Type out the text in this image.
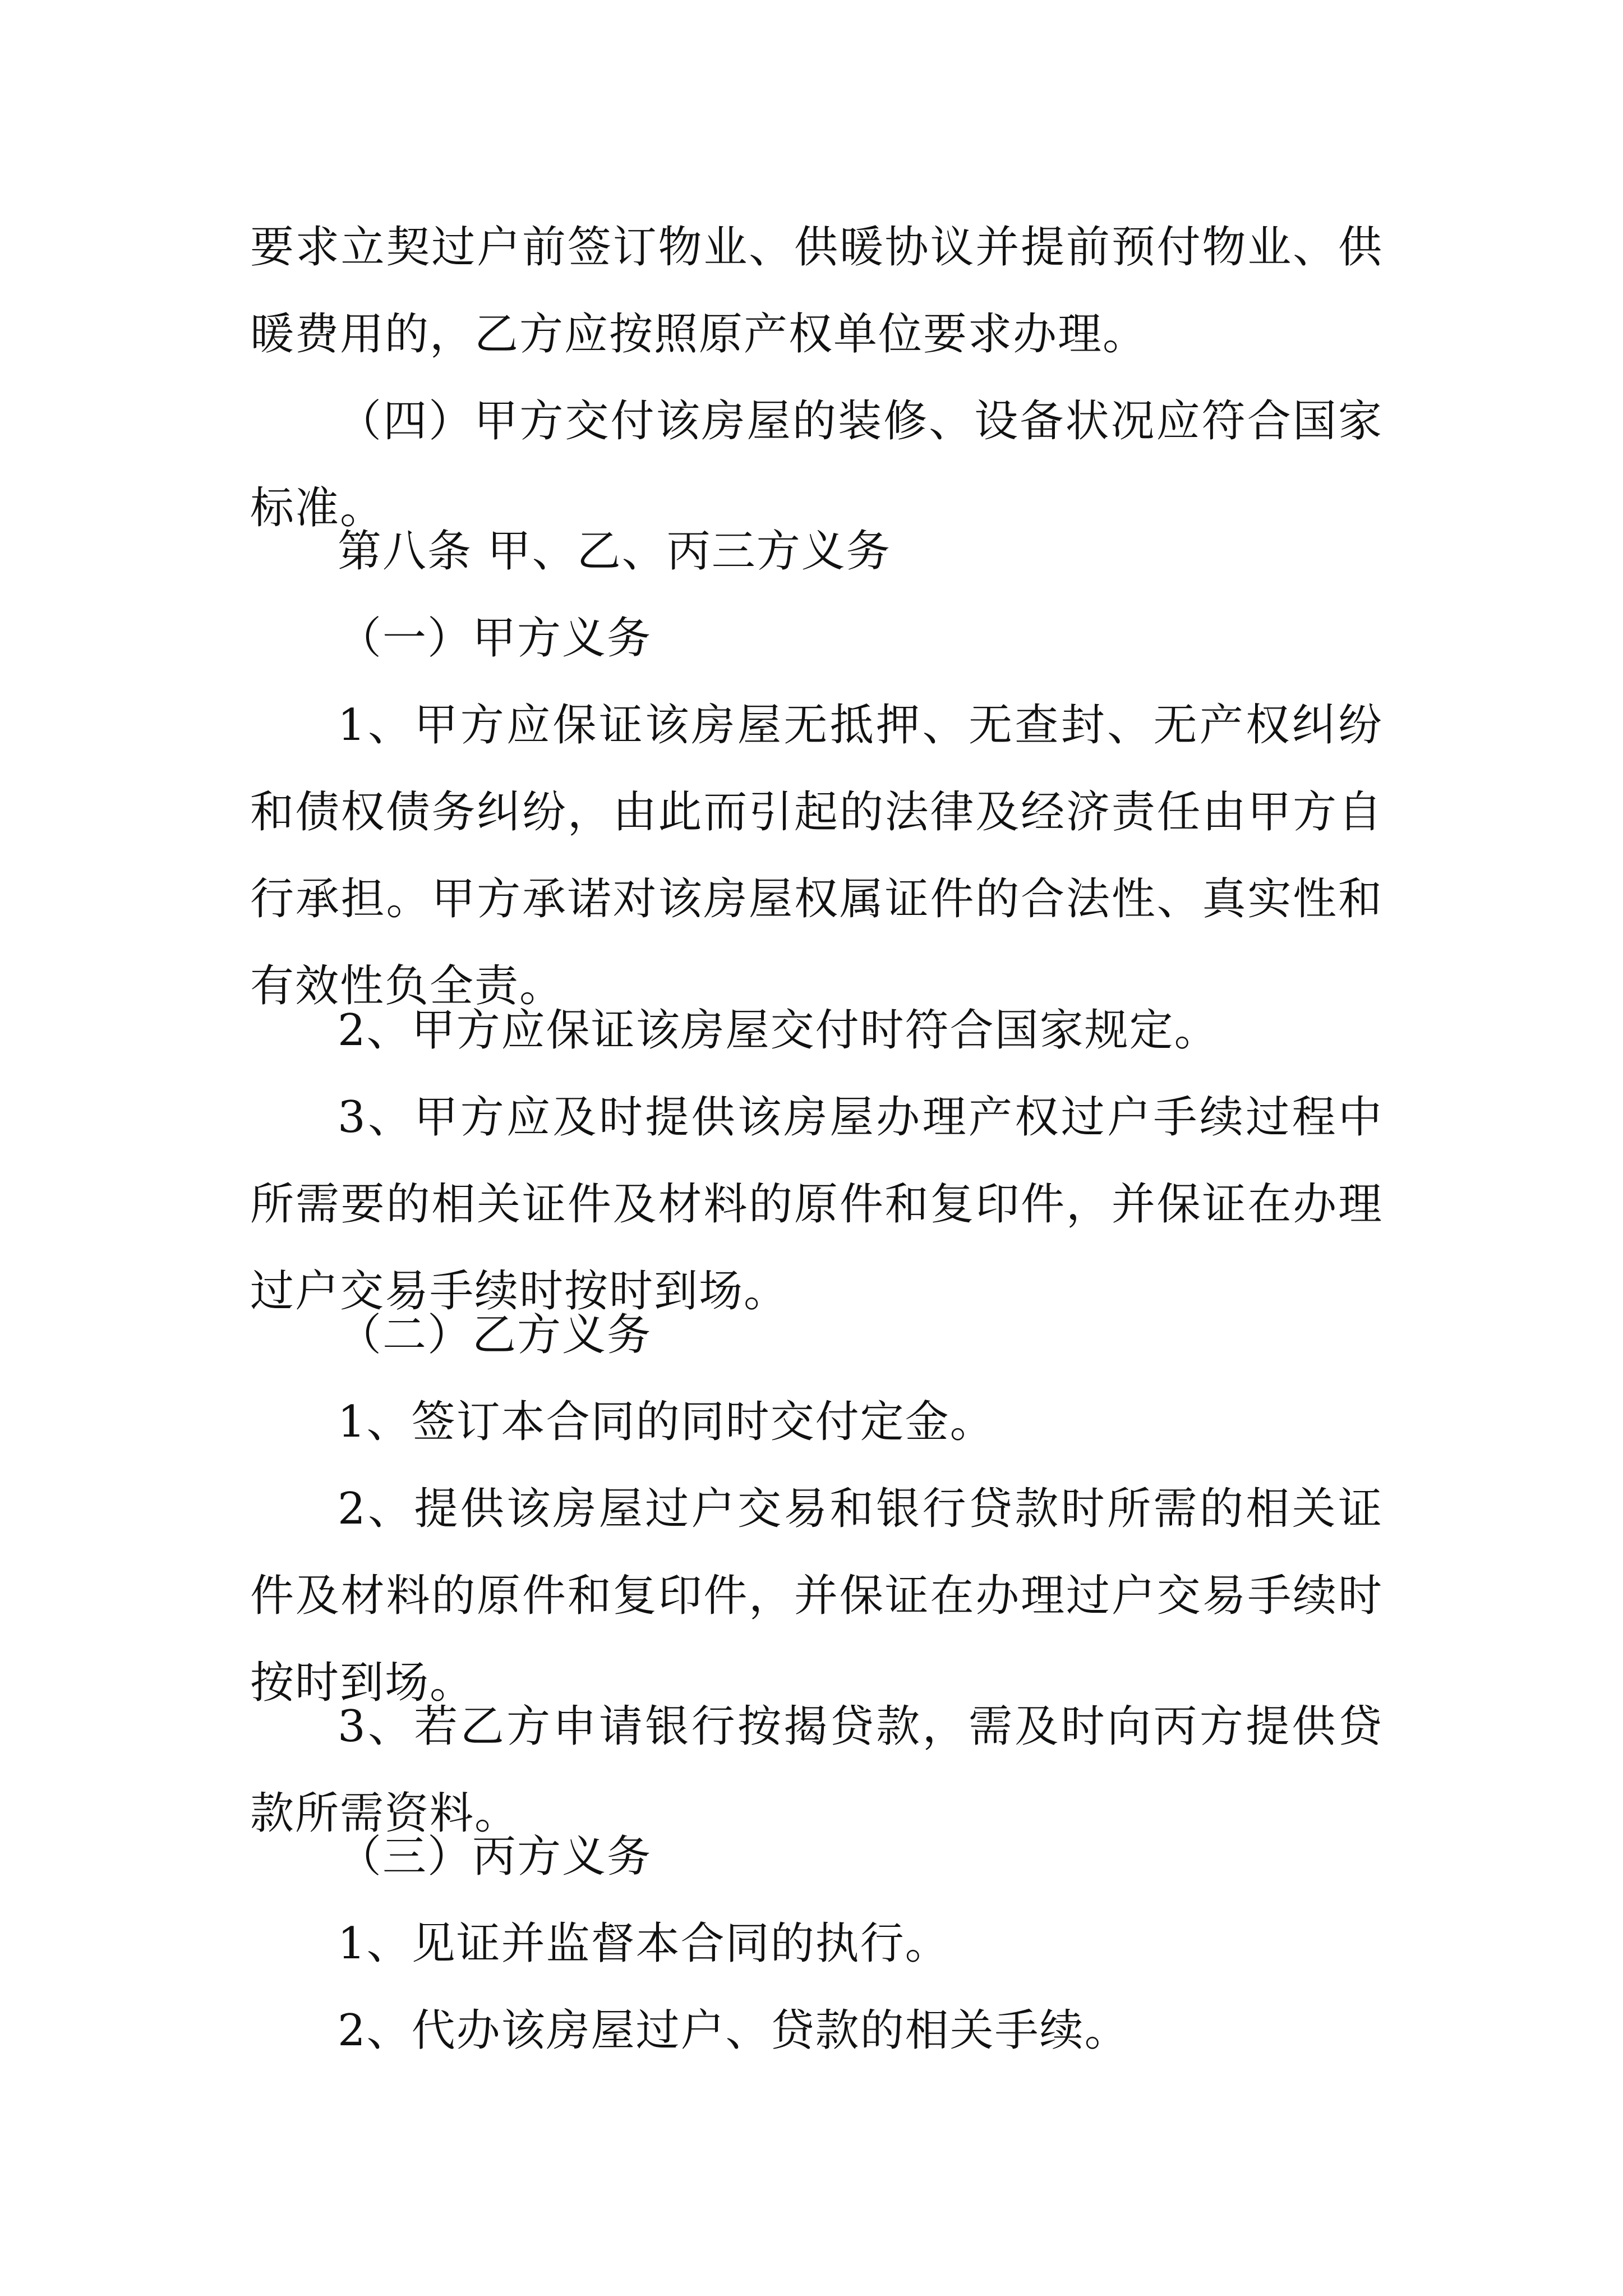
要求立契过户前签订物业、供暖协议并提前预付物业、供暖费用的，乙方应按照原产权单位要求办理。

（四）甲方交付该房屋的装修、设备状况应符合国家标准。

第八条 甲、乙、丙三方义务

（一）甲方义务

1、甲方应保证该房屋无抵押、无查封、无产权纠纷和债权债务纠纷，由此而引起的法律及经济责任由甲方自行承担。甲方承诺对该房屋权属证件的合法性、真实性和有效性负全责。

2、甲方应保证该房屋交付时符合国家规定。

3、甲方应及时提供该房屋办理产权过户手续过程中所需要的相关证件及材料的原件和复印件，并保证在办理过户交易手续时按时到场。

（二）乙方义务

1、签订本合同的同时交付定金。

2、提供该房屋过户交易和银行贷款时所需的相关证件及材料的原件和复印件，并保证在办理过户交易手续时按时到场。

3、若乙方申请银行按揭贷款，需及时向丙方提供贷款所需资料。

（三）丙方义务

1、见证并监督本合同的执行。

2、代办该房屋过户、贷款的相关手续。
